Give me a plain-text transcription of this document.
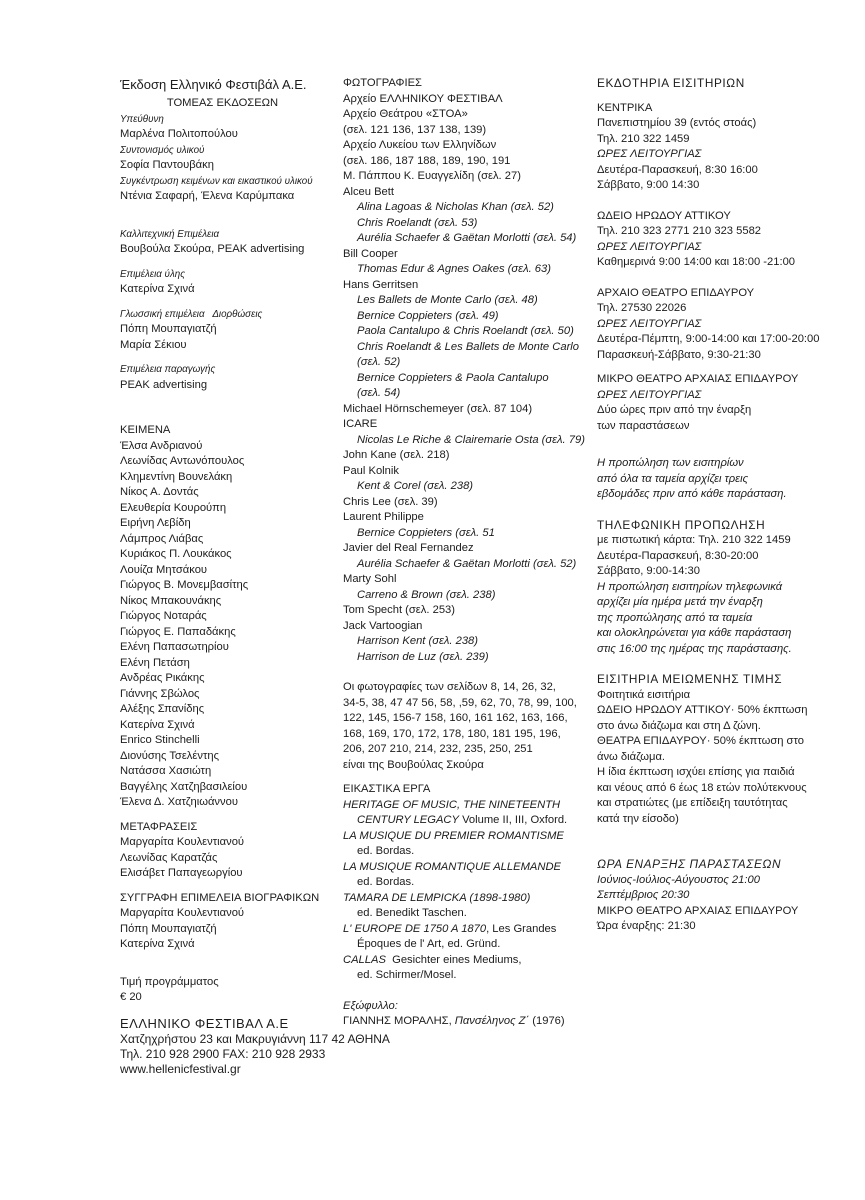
Έκδοση Ελληνικό Φεστιβάλ Α.Ε.
ΤΟΜΕΑΣ ΕΚΔΟΣΕΩΝ
Υπεύθυνη
Μαρλένα Πολιτοπούλου
Συντονισμός υλικού
Σοφία Παντουβάκη
Συγκέντρωση κειμένων και εικαστικού υλικού
Ντένια Σαφαρή, Έλενα Καρύμπακα
Καλλιτεχνική Επιμέλεια
Βουβούλα Σκούρα, PEAK advertising
Επιμέλεια ύλης
Κατερίνα Σχινά
Γλωσσική επιμέλεια   Διορθώσεις
Πόπη Μουπαγιατζή
Μαρία Σέκιου
Επιμέλεια παραγωγής
PEAK advertising
ΚΕΙΜΕΝΑ
Έλσα Ανδριανού
Λεωνίδας Αντωνόπουλος
Κλημεντίνη Βουνελάκη
Νίκος Α. Δοντάς
Ελευθερία Κουρούπη
Ειρήνη Λεβίδη
Λάμπρος Λιάβας
Κυριάκος Π. Λουκάκος
Λουίζα Μητσάκου
Γιώργος Β. Μονεμβασίτης
Νίκος Μπακουνάκης
Γιώργος Νοταράς
Γιώργος Ε. Παπαδάκης
Ελένη Παπασωτηρίου
Ελένη Πετάση
Ανδρέας Ρικάκης
Γιάννης Σβώλος
Αλέξης Σπανίδης
Κατερίνα Σχινά
Enrico Stinchelli
Διονύσης Τσελέντης
Νατάσσα Χασιώτη
Βαγγέλης Χατζηβασιλείου
Έλενα Δ. Χατζηιωάννου
ΜΕΤΑΦΡΑΣΕΙΣ
Μαργαρίτα Κουλεντιανού
Λεωνίδας Καρατζάς
Ελισάβετ Παπαγεωργίου
ΣΥΓΓΡΑΦΗ ΕΠΙΜΕΛΕΙΑ ΒΙΟΓΡΑΦΙΚΩΝ
Μαργαρίτα Κουλεντιανού
Πόπη Μουπαγιατζή
Κατερίνα Σχινά
Τιμή προγράμματος
€ 20
ΦΩΤΟΓΡΑΦΙΕΣ
Αρχείο ΕΛΛΗΝΙΚΟΥ ΦΕΣΤΙΒΑΛ
Αρχείο Θεάτρου «ΣΤΟΑ»
(σελ. 121 136, 137 138, 139)
Αρχείο Λυκείου των Ελληνίδων
(σελ. 186, 187 188, 189, 190, 191
Μ. Πάππου Κ. Ευαγγελίδη (σελ. 27)
Alceu Bett
Alina Lagoas & Nicholas Khan (σελ. 52)
Chris Roelandt (σελ. 53)
Aurélia Schaefer & Gaëtan Morlotti (σελ. 54)
Bill Cooper
Thomas Edur & Agnes Oakes (σελ. 63)
Hans Gerritsen
Les Ballets de Monte Carlo (σελ. 48)
Bernice Coppieters (σελ. 49)
Paola Cantalupo & Chris Roelandt (σελ. 50)
Chris Roelandt & Les Ballets de Monte Carlo
(σελ. 52)
Bernice Coppieters & Paola Cantalupo
(σελ. 54)
Michael Hörnschemeyer (σελ. 87 104)
ICARE
Nicolas Le Riche & Clairemarie Osta (σελ. 79)
John Kane (σελ. 218)
Paul Kolnik
Kent & Corel (σελ. 238)
Chris Lee (σελ. 39)
Laurent Philippe
Bernice Coppieters (σελ. 51
Javier del Real Fernandez
Aurélia Schaefer & Gaëtan Morlotti (σελ. 52)
Marty Sohl
Carreno & Brown (σελ. 238)
Tom Specht (σελ. 253)
Jack Vartoogian
Harrison Kent (σελ. 238)
Harrison de Luz (σελ. 239)
Οι φωτογραφίες των σελίδων 8, 14, 26, 32,
34-5, 38, 47 47 56, 58, ,59, 62, 70, 78, 99, 100,
122, 145, 156-7 158, 160, 161 162, 163, 166,
168, 169, 170, 172, 178, 180, 181 195, 196,
206, 207 210, 214, 232, 235, 250, 251
είναι της Βουβούλας Σκούρα
ΕΙΚΑΣΤΙΚΑ ΕΡΓΑ
HERITAGE OF MUSIC, THE NINETEENTH
CENTURY LEGACY Volume II, III, Oxford.
LA MUSIQUE DU PREMIER ROMANTISME
ed. Bordas.
LA MUSIQUE ROMANTIQUE ALLEMANDE
ed. Bordas.
TAMARA DE LEMPICKA (1898-1980)
ed. Benedikt Taschen.
L' EUROPE DE 1750 A 1870, Les Grandes
Époques de l' Art, ed. Gründ.
CALLAS  Gesichter eines Mediums,
ed. Schirmer/Mosel.
Εξώφυλλο:
ΓΙΑΝΝΗΣ ΜΟΡΑΛΗΣ, Πανσέληνος Ζ΄ (1976)
ΕΚΔΟΤΗΡΙΑ ΕΙΣΙΤΗΡΙΩΝ
ΚΕΝΤΡΙΚΑ
Πανεπιστημίου 39 (εντός στοάς)
Τηλ. 210 322 1459
ΩΡΕΣ ΛΕΙΤΟΥΡΓΙΑΣ
Δευτέρα-Παρασκευή, 8:30 16:00
Σάββατο, 9:00 14:30
ΩΔΕΙΟ ΗΡΩΔΟΥ ΑΤΤΙΚΟΥ
Τηλ. 210 323 2771 210 323 5582
ΩΡΕΣ ΛΕΙΤΟΥΡΓΙΑΣ
Καθημερινά 9:00 14:00 και 18:00 -21:00
ΑΡΧΑΙΟ ΘΕΑΤΡΟ ΕΠΙΔΑΥΡΟΥ
Τηλ. 27530 22026
ΩΡΕΣ ΛΕΙΤΟΥΡΓΙΑΣ
Δευτέρα-Πέμπτη, 9:00-14:00 και 17:00-20:00
Παρασκευή-Σάββατο, 9:30-21:30
ΜΙΚΡΟ ΘΕΑΤΡΟ ΑΡΧΑΙΑΣ ΕΠΙΔΑΥΡΟΥ
ΩΡΕΣ ΛΕΙΤΟΥΡΓΙΑΣ
Δύο ώρες πριν από την έναρξη
των παραστάσεων
Η προπώληση των εισιτηρίων
από όλα τα ταμεία αρχίζει τρεις
εβδομάδες πριν από κάθε παράσταση.
ΤΗΛΕΦΩΝΙΚΗ ΠΡΟΠΩΛΗΣΗ
με πιστωτική κάρτα: Τηλ. 210 322 1459
Δευτέρα-Παρασκευή, 8:30-20:00
Σάββατο, 9:00-14:30
Η προπώληση εισιτηρίων τηλεφωνικά
αρχίζει μία ημέρα μετά την έναρξη
της προπώλησης από τα ταμεία
και ολοκληρώνεται για κάθε παράσταση
στις 16:00 της ημέρας της παράστασης.
ΕΙΣΙΤΗΡΙΑ ΜΕΙΩΜΕΝΗΣ ΤΙΜΗΣ
Φοιτητικά εισιτήρια
ΩΔΕΙΟ ΗΡΩΔΟΥ ΑΤΤΙΚΟΥ· 50% έκπτωση
στο άνω διάζωμα και στη Δ ζώνη.
ΘΕΑΤΡΑ ΕΠΙΔΑΥΡΟΥ· 50% έκπτωση στο
άνω διάζωμα.
Η ίδια έκπτωση ισχύει επίσης για παιδιά
και νέους από 6 έως 18 ετών πολύτεκνους
και στρατιώτες (με επίδειξη ταυτότητας
κατά την είσοδο)
ΩΡΑ ΕΝΑΡΞΗΣ ΠΑΡΑΣΤΑΣΕΩΝ
Ιούνιος-Ιούλιος-Αύγουστος 21:00
Σεπτέμβριος 20:30
ΜΙΚΡΟ ΘΕΑΤΡΟ ΑΡΧΑΙΑΣ ΕΠΙΔΑΥΡΟΥ
Ώρα έναρξης: 21:30
ΕΛΛΗΝΙΚΟ ΦΕΣΤΙΒΑΛ Α.Ε
Χατζηχρήστου 23 και Μακρυγιάννη 117 42 ΑΘΗΝΑ
Τηλ. 210 928 2900 FAX: 210 928 2933
www.hellenicfestival.gr
